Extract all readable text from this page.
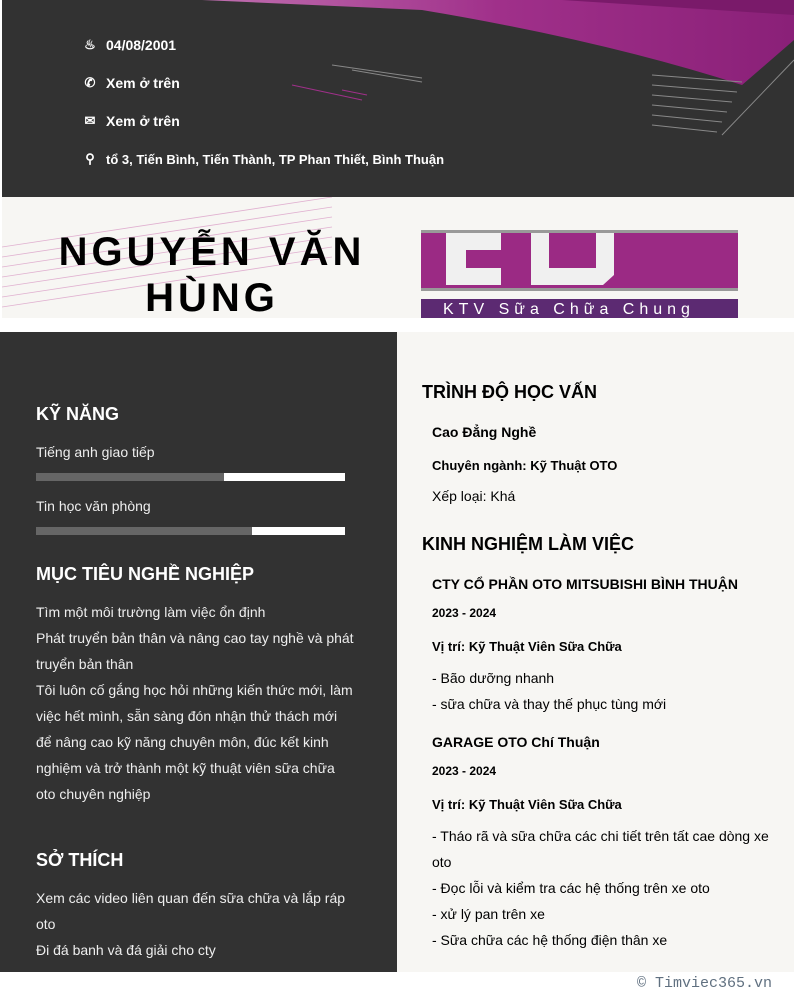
♨ 04/08/2001
✆ Xem ở trên
✉ Xem ở trên
⚲ tổ 3, Tiến Bình, Tiến Thành, TP Phan Thiết, Bình Thuận
NGUYỄN VĂN
HÙNG	KTV Sữa Chữa Chung
KỸ NĂNG
Tiếng anh giao tiếp
Tin học văn phòng
MỤC TIÊU NGHỀ NGHIỆP
Tìm một môi trường làm việc ổn định
Phát truyển bản thân và nâng cao tay nghề và phát truyển bản thân
Tôi luôn cố gắng học hỏi những kiến thức mới, làm việc hết mình, sẵn sàng đón nhận thử thách mới để nâng cao kỹ năng chuyên môn, đúc kết kinh nghiệm và trở thành một kỹ thuật viên sữa chữa oto chuyên nghiệp
SỞ THÍCH
Xem các video liên quan đến sữa chữa và lắp ráp oto
Đi đá banh và đá giải cho cty
TRÌNH ĐỘ HỌC VẤN
Cao Đẳng Nghề
Chuyên ngành: Kỹ Thuật OTO
Xếp loại: Khá
KINH NGHIỆM LÀM VIỆC
CTY CỔ PHẦN OTO MITSUBISHI BÌNH THUẬN
2023 - 2024
Vị trí: Kỹ Thuật Viên Sữa Chữa
- Bão dưỡng nhanh
- sữa chữa và thay thế phục tùng mới
GARAGE OTO Chí Thuận
2023 - 2024
Vị trí: Kỹ Thuật Viên Sữa Chữa
- Tháo rã và sữa chữa các chi tiết trên tất cae dòng xe oto
- Đọc lỗi và kiểm tra các hệ thống trên xe oto
- xử lý pan trên xe
- Sữa chữa các hệ thống điện thân xe
© Timviec365.vn
